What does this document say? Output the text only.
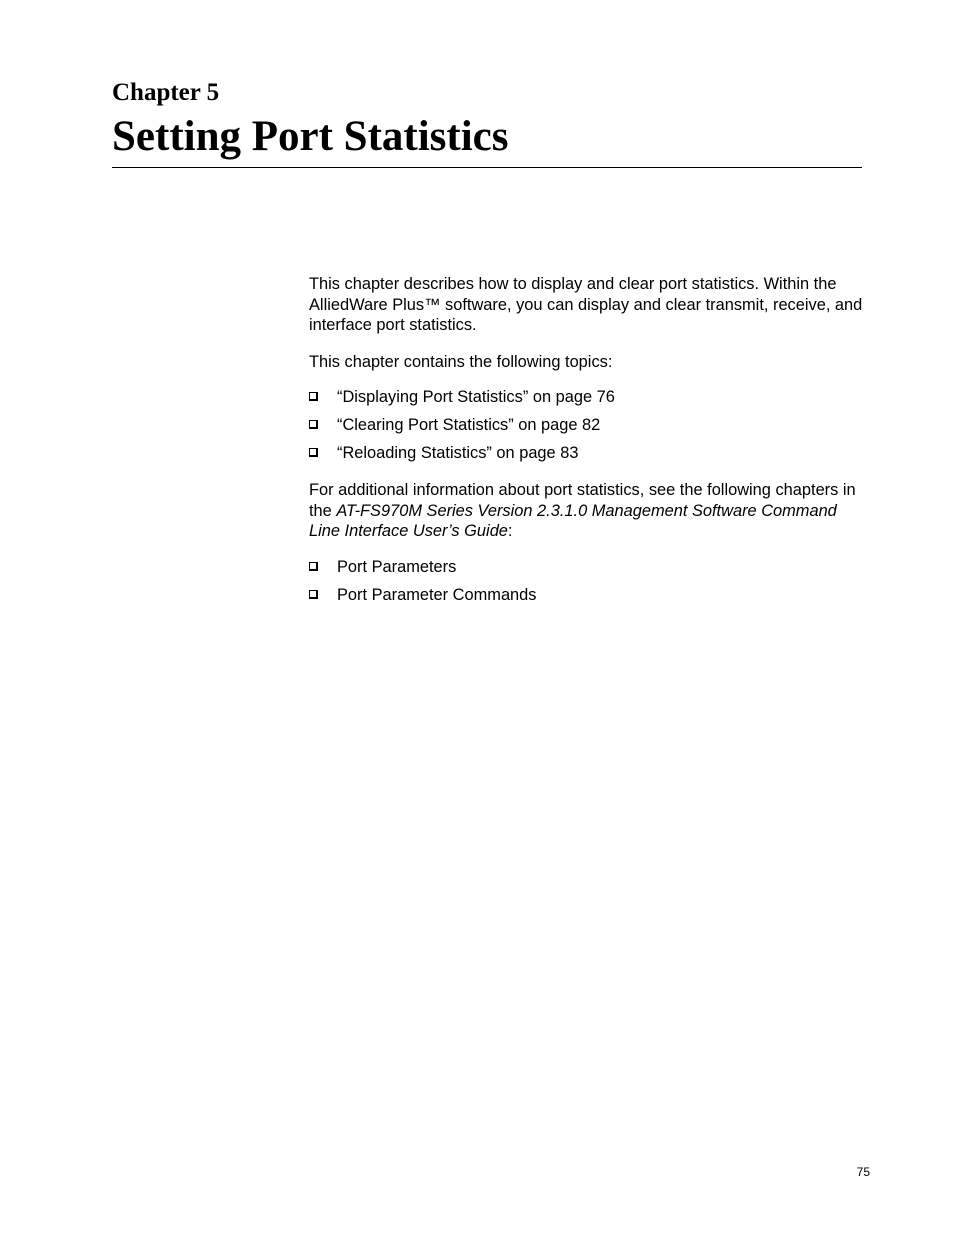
Chapter 5
Setting Port Statistics

This chapter describes how to display and clear port statistics. Within the AlliedWare Plus™ software, you can display and clear transmit, receive, and interface port statistics.

This chapter contains the following topics:

“Displaying Port Statistics” on page 76
“Clearing Port Statistics” on page 82
“Reloading Statistics” on page 83

For additional information about port statistics, see the following chapters in the AT-FS970M Series Version 2.3.1.0 Management Software Command Line Interface User’s Guide:

Port Parameters
Port Parameter Commands
75
